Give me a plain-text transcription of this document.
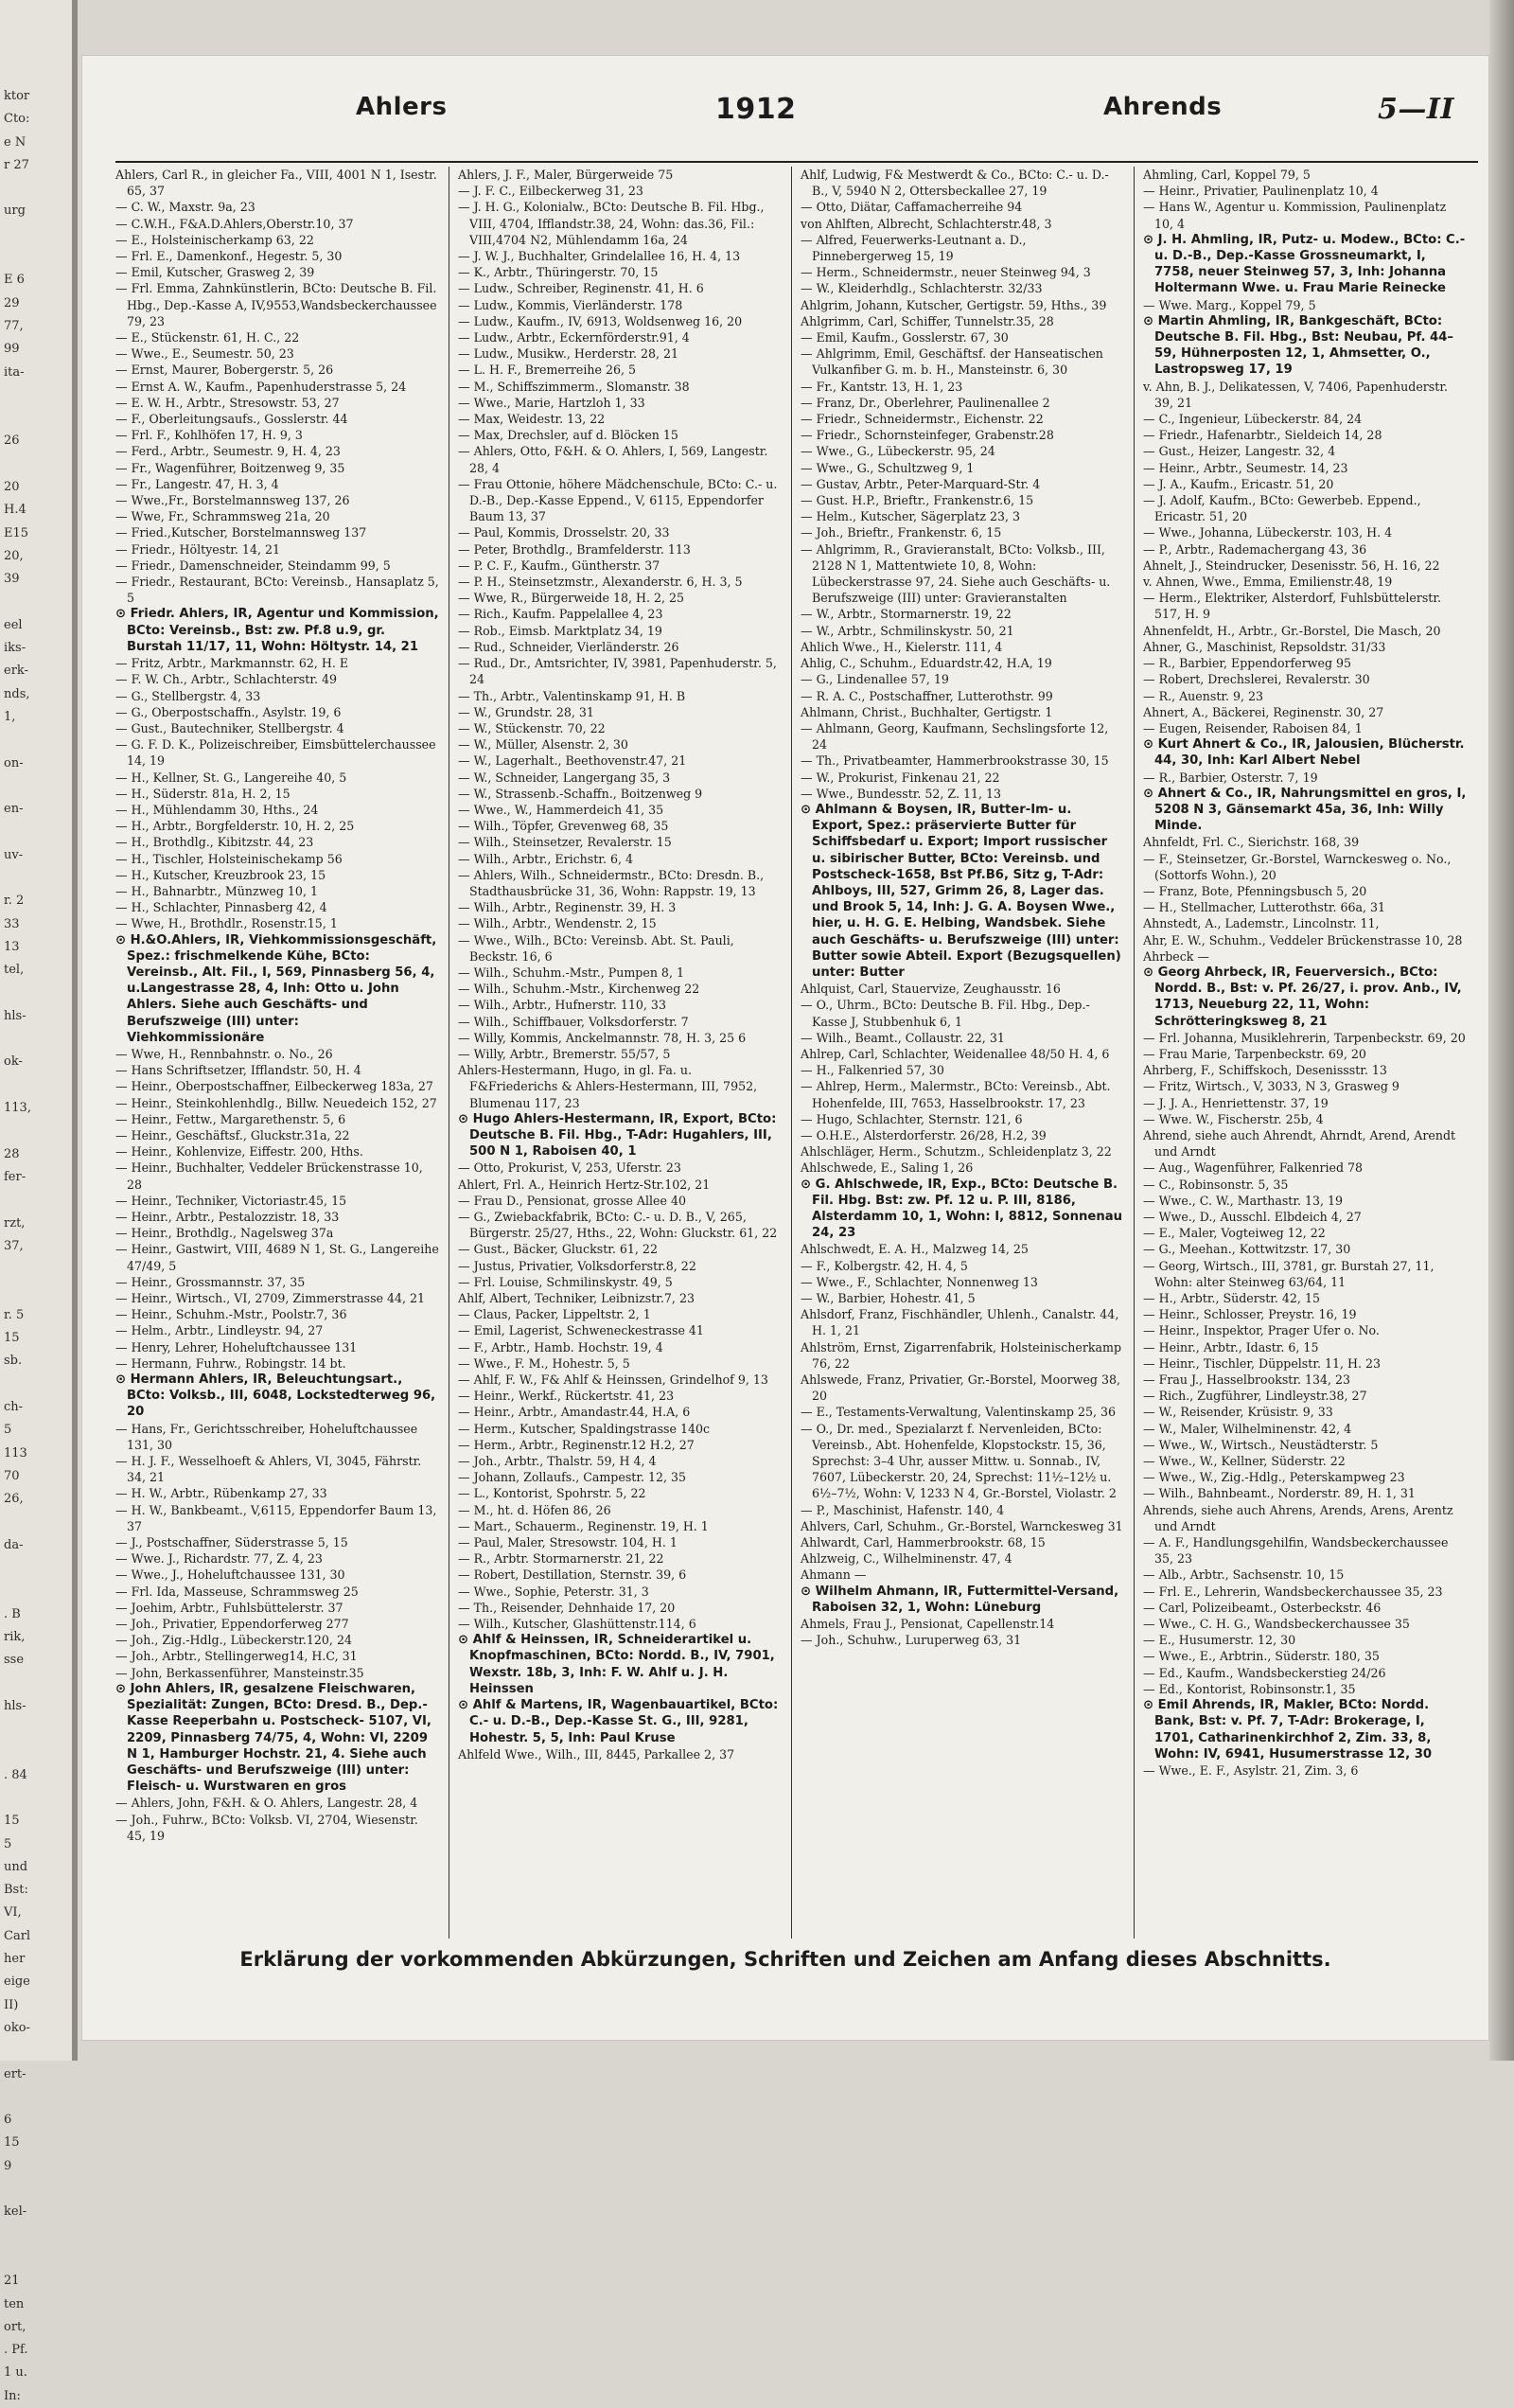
ktor
Cto:
e N
r 27

urg

E 6
29
77,
99
ita-

26

20
H.4
E15
20,
39

eel
iks-
erk-
nds,
1,

on-

en-

uv-

r. 2
33
13
tel,

hls-

ok-

113,

28
fer-

rzt,
37,

r. 5
15
sb.

ch-
5
113
70
26,

da-

. B
rik,
sse

hls-

. 84

15
5
und
Bst:
VI,
Carl
her
eige
II)
oko-

ert-

6
15
9

kel-

21
ten
ort,
. Pf.
1 u.
In:
Ahlers	1912	Ahrends	5—II

Ahlers, Carl R., in gleicher Fa., VIII, 4001 N 1, Isestr. 65, 37

— C. W., Maxstr. 9a, 23

— C.W.H., F&A.D.Ahlers,Oberstr.10, 37

— E., Holsteinischerkamp 63, 22

— Frl. E., Damenkonf., Hegestr. 5, 30

— Emil, Kutscher, Grasweg 2, 39

— Frl. Emma, Zahnkünstlerin, BCto: Deutsche B. Fil. Hbg., Dep.-Kasse A, IV,9553,Wandsbeckerchaussee 79, 23

— E., Stückenstr. 61, H. C., 22

— Wwe., E., Seumestr. 50, 23

— Ernst, Maurer, Bobergerstr. 5, 26

— Ernst A. W., Kaufm., Papenhuderstrasse 5, 24

— E. W. H., Arbtr., Stresowstr. 53, 27

— F., Oberleitungsaufs., Gosslerstr. 44

— Frl. F., Kohlhöfen 17, H. 9, 3

— Ferd., Arbtr., Seumestr. 9, H. 4, 23

— Fr., Wagenführer, Boitzenweg 9, 35

— Fr., Langestr. 47, H. 3, 4

— Wwe.,Fr., Borstelmannsweg 137, 26

— Wwe, Fr., Schrammsweg 21a, 20

— Fried.,Kutscher, Borstelmannsweg 137

— Friedr., Höltyestr. 14, 21

— Friedr., Damenschneider, Steindamm 99, 5

— Friedr., Restaurant, BCto: Vereinsb., Hansaplatz 5, 5

⊙ Friedr. Ahlers, IR, Agentur und Kommission, BCto: Vereinsb., Bst: zw. Pf.8 u.9, gr. Burstah 11/17, 11, Wohn: Höltystr. 14, 21

— Fritz, Arbtr., Markmannstr. 62, H. E

— F. W. Ch., Arbtr., Schlachterstr. 49

— G., Stellbergstr. 4, 33

— G., Oberpostschaffn., Asylstr. 19, 6

— Gust., Bautechniker, Stellbergstr. 4

— G. F. D. K., Polizeischreiber, Eimsbüttelerchaussee 14, 19

— H., Kellner, St. G., Langereihe 40, 5

— H., Süderstr. 81a, H. 2, 15

— H., Mühlendamm 30, Hths., 24

— H., Arbtr., Borgfelderstr. 10, H. 2, 25

— H., Brothdlg., Kibitzstr. 44, 23

— H., Tischler, Holsteinischekamp 56

— H., Kutscher, Kreuzbrook 23, 15

— H., Bahnarbtr., Münzweg 10, 1

— H., Schlachter, Pinnasberg 42, 4

— Wwe, H., Brothdlr., Rosenstr.15, 1

⊙ H.&O.Ahlers, IR, Viehkommissionsgeschäft, Spez.: frischmelkende Kühe, BCto: Vereinsb., Alt. Fil., I, 569, Pinnasberg 56, 4, u.Langestrasse 28, 4, Inh: Otto u. John Ahlers. Siehe auch Geschäfts- und Berufszweige (III) unter: Viehkommissionäre

— Wwe, H., Rennbahnstr. o. No., 26

— Hans Schriftsetzer, Ifflandstr. 50, H. 4

— Heinr., Oberpostschaffner, Eilbeckerweg 183a, 27

— Heinr., Steinkohlenhdlg., Billw. Neuedeich 152, 27

— Heinr., Fettw., Margarethenstr. 5, 6

— Heinr., Geschäftsf., Gluckstr.31a, 22

— Heinr., Kohlenvize, Eiffestr. 200, Hths.

— Heinr., Buchhalter, Veddeler Brückenstrasse 10, 28

— Heinr., Techniker, Victoriastr.45, 15

— Heinr., Arbtr., Pestalozzistr. 18, 33

— Heinr., Brothdlg., Nagelsweg 37a

— Heinr., Gastwirt, VIII, 4689 N 1, St. G., Langereihe 47/49, 5

— Heinr., Grossmannstr. 37, 35

— Heinr., Wirtsch., VI, 2709, Zimmerstrasse 44, 21

— Heinr., Schuhm.-Mstr., Poolstr.7, 36

— Helm., Arbtr., Lindleystr. 94, 27

— Henry, Lehrer, Hoheluftchaussee 131

— Hermann, Fuhrw., Robingstr. 14 bt.

⊙ Hermann Ahlers, IR, Beleuchtungsart., BCto: Volksb., III, 6048, Lockstedterweg 96, 20

— Hans, Fr., Gerichtsschreiber, Hoheluftchaussee 131, 30

— H. J. F., Wesselhoeft & Ahlers, VI, 3045, Fährstr. 34, 21

— H. W., Arbtr., Rübenkamp 27, 33

— H. W., Bankbeamt., V,6115, Eppendorfer Baum 13, 37

— J., Postschaffner, Süderstrasse 5, 15

— Wwe. J., Richardstr. 77, Z. 4, 23

— Wwe., J., Hoheluftchaussee 131, 30

— Frl. Ida, Masseuse, Schrammsweg 25

— Joehim, Arbtr., Fuhlsbüttelerstr. 37

— Joh., Privatier, Eppendorferweg 277

— Joh., Zig.-Hdlg., Lübeckerstr.120, 24

— Joh., Arbtr., Stellingerweg14, H.C, 31

— John, Berkassenführer, Mansteinstr.35

⊙ John Ahlers, IR, gesalzene Fleischwaren, Spezialität: Zungen, BCto: Dresd. B., Dep.-Kasse Reeperbahn u. Postscheck- 5107, VI, 2209, Pinnasberg 74/75, 4, Wohn: VI, 2209 N 1, Hamburger Hochstr. 21, 4. Siehe auch Geschäfts- und Berufszweige (III) unter: Fleisch- u. Wurstwaren en gros

— Ahlers, John, F&H. & O. Ahlers, Langestr. 28, 4

— Joh., Fuhrw., BCto: Volksb. VI, 2704, Wiesenstr. 45, 19

Ahlers, J. F., Maler, Bürgerweide 75

— J. F. C., Eilbeckerweg 31, 23

— J. H. G., Kolonialw., BCto: Deutsche B. Fil. Hbg., VIII, 4704, Ifflandstr.38, 24, Wohn: das.36, Fil.: VIII,4704 N2, Mühlendamm 16a, 24

— J. W. J., Buchhalter, Grindelallee 16, H. 4, 13

— K., Arbtr., Thüringerstr. 70, 15

— Ludw., Schreiber, Reginenstr. 41, H. 6

— Ludw., Kommis, Vierländerstr. 178

— Ludw., Kaufm., IV, 6913, Woldsenweg 16, 20

— Ludw., Arbtr., Eckernförderstr.91, 4

— Ludw., Musikw., Herderstr. 28, 21

— L. H. F., Bremerreihe 26, 5

— M., Schiffszimmerm., Slomanstr. 38

— Wwe., Marie, Hartzloh 1, 33

— Max, Weidestr. 13, 22

— Max, Drechsler, auf d. Blöcken 15

— Ahlers, Otto, F&H. & O. Ahlers, I, 569, Langestr. 28, 4

— Frau Ottonie, höhere Mädchenschule, BCto: C.- u. D.-B., Dep.-Kasse Eppend., V, 6115, Eppendorfer Baum 13, 37

— Paul, Kommis, Drosselstr. 20, 33

— Peter, Brothdlg., Bramfelderstr. 113

— P. C. F., Kaufm., Güntherstr. 37

— P. H., Steinsetzmstr., Alexanderstr. 6, H. 3, 5

— Wwe, R., Bürgerweide 18, H. 2, 25

— Rich., Kaufm. Pappelallee 4, 23

— Rob., Eimsb. Marktplatz 34, 19

— Rud., Schneider, Vierländerstr. 26

— Rud., Dr., Amtsrichter, IV, 3981, Papenhuderstr. 5, 24

— Th., Arbtr., Valentinskamp 91, H. B

— W., Grundstr. 28, 31

— W., Stückenstr. 70, 22

— W., Müller, Alsenstr. 2, 30

— W., Lagerhalt., Beethovenstr.47, 21

— W., Schneider, Langergang 35, 3

— W., Strassenb.-Schaffn., Boitzenweg 9

— Wwe., W., Hammerdeich 41, 35

— Wilh., Töpfer, Grevenweg 68, 35

— Wilh., Steinsetzer, Revalerstr. 15

— Wilh., Arbtr., Erichstr. 6, 4

— Ahlers, Wilh., Schneidermstr., BCto: Dresdn. B., Stadthausbrücke 31, 36, Wohn: Rappstr. 19, 13

— Wilh., Arbtr., Reginenstr. 39, H. 3

— Wilh., Arbtr., Wendenstr. 2, 15

— Wwe., Wilh., BCto: Vereinsb. Abt. St. Pauli, Beckstr. 16, 6

— Wilh., Schuhm.-Mstr., Pumpen 8, 1

— Wilh., Schuhm.-Mstr., Kirchenweg 22

— Wilh., Arbtr., Hufnerstr. 110, 33

— Wilh., Schiffbauer, Volksdorferstr. 7

— Willy, Kommis, Anckelmannstr. 78, H. 3, 25 6

— Willy, Arbtr., Bremerstr. 55/57, 5

Ahlers-Hestermann, Hugo, in gl. Fa. u. F&Friederichs & Ahlers-Hestermann, III, 7952, Blumenau 117, 23

⊙ Hugo Ahlers-Hestermann, IR, Export, BCto: Deutsche B. Fil. Hbg., T-Adr: Hugahlers, III, 500 N 1, Raboisen 40, 1

— Otto, Prokurist, V, 253, Uferstr. 23

Ahlert, Frl. A., Heinrich Hertz-Str.102, 21

— Frau D., Pensionat, grosse Allee 40

— G., Zwiebackfabrik, BCto: C.- u. D. B., V, 265, Bürgerstr. 25/27, Hths., 22, Wohn: Gluckstr. 61, 22

— Gust., Bäcker, Gluckstr. 61, 22

— Justus, Privatier, Volksdorferstr.8, 22

— Frl. Louise, Schmilinskystr. 49, 5

Ahlf, Albert, Techniker, Leibnizstr.7, 23

— Claus, Packer, Lippeltstr. 2, 1

— Emil, Lagerist, Schweneckestrasse 41

— F., Arbtr., Hamb. Hochstr. 19, 4

— Wwe., F. M., Hohestr. 5, 5

— Ahlf, F. W., F& Ahlf & Heinssen, Grindelhof 9, 13

— Heinr., Werkf., Rückertstr. 41, 23

— Heinr., Arbtr., Amandastr.44, H.A, 6

— Herm., Kutscher, Spaldingstrasse 140c

— Herm., Arbtr., Reginenstr.12 H.2, 27

— Joh., Arbtr., Thalstr. 59, H 4, 4

— Johann, Zollaufs., Campestr. 12, 35

— L., Kontorist, Spohrstr. 5, 22

— M., ht. d. Höfen 86, 26

— Mart., Schauerm., Reginenstr. 19, H. 1

— Paul, Maler, Stresowstr. 104, H. 1

— R., Arbtr. Stormarnerstr. 21, 22

— Robert, Destillation, Sternstr. 39, 6

— Wwe., Sophie, Peterstr. 31, 3

— Th., Reisender, Dehnhaide 17, 20

— Wilh., Kutscher, Glashüttenstr.114, 6

⊙ Ahlf & Heinssen, IR, Schneiderartikel u. Knopfmaschinen, BCto: Nordd. B., IV, 7901, Wexstr. 18b, 3, Inh: F. W. Ahlf u. J. H. Heinssen

⊙ Ahlf & Martens, IR, Wagenbauartikel, BCto: C.- u. D.-B., Dep.-Kasse St. G., III, 9281, Hohestr. 5, 5, Inh: Paul Kruse

Ahlfeld Wwe., Wilh., III, 8445, Parkallee 2, 37

Ahlf, Ludwig, F& Mestwerdt & Co., BCto: C.- u. D.-B., V, 5940 N 2, Ottersbeckallee 27, 19

— Otto, Diätar, Caffamacherreihe 94

von Ahlften, Albrecht, Schlachterstr.48, 3

— Alfred, Feuerwerks-Leutnant a. D., Pinnebergerweg 15, 19

— Herm., Schneidermstr., neuer Steinweg 94, 3

— W., Kleiderhdlg., Schlachterstr. 32/33

Ahlgrim, Johann, Kutscher, Gertigstr. 59, Hths., 39

Ahlgrimm, Carl, Schiffer, Tunnelstr.35, 28

— Emil, Kaufm., Gosslerstr. 67, 30

— Ahlgrimm, Emil, Geschäftsf. der Hanseatischen Vulkanfiber G. m. b. H., Mansteinstr. 6, 30

— Fr., Kantstr. 13, H. 1, 23

— Franz, Dr., Oberlehrer, Paulinenallee 2

— Friedr., Schneidermstr., Eichenstr. 22

— Friedr., Schornsteinfeger, Grabenstr.28

— Wwe., G., Lübeckerstr. 95, 24

— Wwe., G., Schultzweg 9, 1

— Gustav, Arbtr., Peter-Marquard-Str. 4

— Gust. H.P., Brieftr., Frankenstr.6, 15

— Helm., Kutscher, Sägerplatz 23, 3

— Joh., Brieftr., Frankenstr. 6, 15

— Ahlgrimm, R., Gravieranstalt, BCto: Volksb., III, 2128 N 1, Mattentwiete 10, 8, Wohn: Lübeckerstrasse 97, 24. Siehe auch Geschäfts- u. Berufszweige (III) unter: Gravieranstalten

— W., Arbtr., Stormarnerstr. 19, 22

— W., Arbtr., Schmilinskystr. 50, 21

Ahlich Wwe., H., Kielerstr. 111, 4

Ahlig, C., Schuhm., Eduardstr.42, H.A, 19

— G., Lindenallee 57, 19

— R. A. C., Postschaffner, Lutterothstr. 99

Ahlmann, Christ., Buchhalter, Gertigstr. 1

— Ahlmann, Georg, Kaufmann, Sechslingsforte 12, 24

— Th., Privatbeamter, Hammerbrookstrasse 30, 15

— W., Prokurist, Finkenau 21, 22

— Wwe., Bundesstr. 52, Z. 11, 13

⊙ Ahlmann & Boysen, IR, Butter-Im- u. Export, Spez.: präservierte Butter für Schiffsbedarf u. Export; Import russischer u. sibirischer Butter, BCto: Vereinsb. und Postscheck-1658, Bst Pf.B6, Sitz g, T-Adr: Ahlboys, III, 527, Grimm 26, 8, Lager das. und Brook 5, 14, Inh: J. G. A. Boysen Wwe., hier, u. H. G. E. Helbing, Wandsbek. Siehe auch Geschäfts- u. Berufszweige (III) unter: Butter sowie Abteil. Export (Bezugsquellen) unter: Butter

Ahlquist, Carl, Stauervize, Zeughausstr. 16

— O., Uhrm., BCto: Deutsche B. Fil. Hbg., Dep.-Kasse J, Stubbenhuk 6, 1

— Wilh., Beamt., Collaustr. 22, 31

Ahlrep, Carl, Schlachter, Weidenallee 48/50 H. 4, 6

— H., Falkenried 57, 30

— Ahlrep, Herm., Malermstr., BCto: Vereinsb., Abt. Hohenfelde, III, 7653, Hasselbrookstr. 17, 23

— Hugo, Schlachter, Sternstr. 121, 6

— O.H.E., Alsterdorferstr. 26/28, H.2, 39

Ahlschläger, Herm., Schutzm., Schleidenplatz 3, 22

Ahlschwede, E., Saling 1, 26

⊙ G. Ahlschwede, IR, Exp., BCto: Deutsche B. Fil. Hbg. Bst: zw. Pf. 12 u. P. III, 8186, Alsterdamm 10, 1, Wohn: I, 8812, Sonnenau 24, 23

Ahlschwedt, E. A. H., Malzweg 14, 25

— F., Kolbergstr. 42, H. 4, 5

— Wwe., F., Schlachter, Nonnenweg 13

— W., Barbier, Hohestr. 41, 5

Ahlsdorf, Franz, Fischhändler, Uhlenh., Canalstr. 44, H. 1, 21

Ahlström, Ernst, Zigarrenfabrik, Holsteinischerkamp 76, 22

Ahlswede, Franz, Privatier, Gr.-Borstel, Moorweg 38, 20

— E., Testaments-Verwaltung, Valentinskamp 25, 36

— O., Dr. med., Spezialarzt f. Nervenleiden, BCto: Vereinsb., Abt. Hohenfelde, Klopstockstr. 15, 36, Sprechst: 3–4 Uhr, ausser Mittw. u. Sonnab., IV, 7607, Lübeckerstr. 20, 24, Sprechst: 11½–12½ u. 6½–7½, Wohn: V, 1233 N 4, Gr.-Borstel, Violastr. 2

— P., Maschinist, Hafenstr. 140, 4

Ahlvers, Carl, Schuhm., Gr.-Borstel, Warnckesweg 31

Ahlwardt, Carl, Hammerbrookstr. 68, 15

Ahlzweig, C., Wilhelminenstr. 47, 4

Ahmann —

⊙ Wilhelm Ahmann, IR, Futtermittel-Versand, Raboisen 32, 1, Wohn: Lüneburg

Ahmels, Frau J., Pensionat, Capellenstr.14

— Joh., Schuhw., Luruperweg 63, 31

Ahmling, Carl, Koppel 79, 5

— Heinr., Privatier, Paulinenplatz 10, 4

— Hans W., Agentur u. Kommission, Paulinenplatz 10, 4

⊙ J. H. Ahmling, IR, Putz- u. Modew., BCto: C.- u. D.-B., Dep.-Kasse Grossneumarkt, I, 7758, neuer Steinweg 57, 3, Inh: Johanna Holtermann Wwe. u. Frau Marie Reinecke

— Wwe. Marg., Koppel 79, 5

⊙ Martin Ahmling, IR, Bankgeschäft, BCto: Deutsche B. Fil. Hbg., Bst: Neubau, Pf. 44–59, Hühnerposten 12, 1, Ahmsetter, O., Lastropsweg 17, 19

v. Ahn, B. J., Delikatessen, V, 7406, Papenhuderstr. 39, 21

— C., Ingenieur, Lübeckerstr. 84, 24

— Friedr., Hafenarbtr., Sieldeich 14, 28

— Gust., Heizer, Langestr. 32, 4

— Heinr., Arbtr., Seumestr. 14, 23

— J. A., Kaufm., Ericastr. 51, 20

— J. Adolf, Kaufm., BCto: Gewerbeb. Eppend., Ericastr. 51, 20

— Wwe., Johanna, Lübeckerstr. 103, H. 4

— P., Arbtr., Rademachergang 43, 36

Ahnelt, J., Steindrucker, Desenisstr. 56, H. 16, 22

v. Ahnen, Wwe., Emma, Emilienstr.48, 19

— Herm., Elektriker, Alsterdorf, Fuhlsbüttelerstr. 517, H. 9

Ahnenfeldt, H., Arbtr., Gr.-Borstel, Die Masch, 20

Ahner, G., Maschinist, Repsoldstr. 31/33

— R., Barbier, Eppendorferweg 95

— Robert, Drechslerei, Revalerstr. 30

— R., Auenstr. 9, 23

Ahnert, A., Bäckerei, Reginenstr. 30, 27

— Eugen, Reisender, Raboisen 84, 1

⊙ Kurt Ahnert & Co., IR, Jalousien, Blücherstr. 44, 30, Inh: Karl Albert Nebel

— R., Barbier, Osterstr. 7, 19

⊙ Ahnert & Co., IR, Nahrungsmittel en gros, I, 5208 N 3, Gänsemarkt 45a, 36, Inh: Willy Minde.

Ahnfeldt, Frl. C., Sierichstr. 168, 39

— F., Steinsetzer, Gr.-Borstel, Warnckesweg o. No., (Sottorfs Wohn.), 20

— Franz, Bote, Pfenningsbusch 5, 20

— H., Stellmacher, Lutterothstr. 66a, 31

Ahnstedt, A., Lademstr., Lincolnstr. 11,

Ahr, E. W., Schuhm., Veddeler Brückenstrasse 10, 28

Ahrbeck —

⊙ Georg Ahrbeck, IR, Feuerversich., BCto: Nordd. B., Bst: v. Pf. 26/27, i. prov. Anb., IV, 1713, Neueburg 22, 11, Wohn: Schrötteringksweg 8, 21

— Frl. Johanna, Musiklehrerin, Tarpenbeckstr. 69, 20

— Frau Marie, Tarpenbeckstr. 69, 20

Ahrberg, F., Schiffskoch, Desenissstr. 13

— Fritz, Wirtsch., V, 3033, N 3, Grasweg 9

— J. J. A., Henriettenstr. 37, 19

— Wwe. W., Fischerstr. 25b, 4

Ahrend, siehe auch Ahrendt, Ahrndt, Arend, Arendt und Arndt

— Aug., Wagenführer, Falkenried 78

— C., Robinsonstr. 5, 35

— Wwe., C. W., Marthastr. 13, 19

— Wwe., D., Ausschl. Elbdeich 4, 27

— E., Maler, Vogteiweg 12, 22

— G., Meehan., Kottwitzstr. 17, 30

— Georg, Wirtsch., III, 3781, gr. Burstah 27, 11, Wohn: alter Steinweg 63/64, 11

— H., Arbtr., Süderstr. 42, 15

— Heinr., Schlosser, Preystr. 16, 19

— Heinr., Inspektor, Prager Ufer o. No.

— Heinr., Arbtr., Idastr. 6, 15

— Heinr., Tischler, Düppelstr. 11, H. 23

— Frau J., Hasselbrookstr. 134, 23

— Rich., Zugführer, Lindleystr.38, 27

— W., Reisender, Krüsistr. 9, 33

— W., Maler, Wilhelminenstr. 42, 4

— Wwe., W., Wirtsch., Neustädterstr. 5

— Wwe., W., Kellner, Süderstr. 22

— Wwe., W., Zig.-Hdlg., Peterskampweg 23

— Wilh., Bahnbeamt., Norderstr. 89, H. 1, 31

Ahrends, siehe auch Ahrens, Arends, Arens, Arentz und Arndt

— A. F., Handlungsgehilfin, Wandsbeckerchaussee 35, 23

— Alb., Arbtr., Sachsenstr. 10, 15

— Frl. E., Lehrerin, Wandsbeckerchaussee 35, 23

— Carl, Polizeibeamt., Osterbeckstr. 46

— Wwe., C. H. G., Wandsbeckerchaussee 35

— E., Husumerstr. 12, 30

— Wwe., E., Arbtrin., Süderstr. 180, 35

— Ed., Kaufm., Wandsbeckerstieg 24/26

— Ed., Kontorist, Robinsonstr.1, 35

⊙ Emil Ahrends, IR, Makler, BCto: Nordd. Bank, Bst: v. Pf. 7, T-Adr: Brokerage, I, 1701, Catharinenkirchhof 2, Zim. 33, 8, Wohn: IV, 6941, Husumerstrasse 12, 30

— Wwe., E. F., Asylstr. 21, Zim. 3, 6

Erklärung der vorkommenden Abkürzungen, Schriften und Zeichen am Anfang dieses Abschnitts.
